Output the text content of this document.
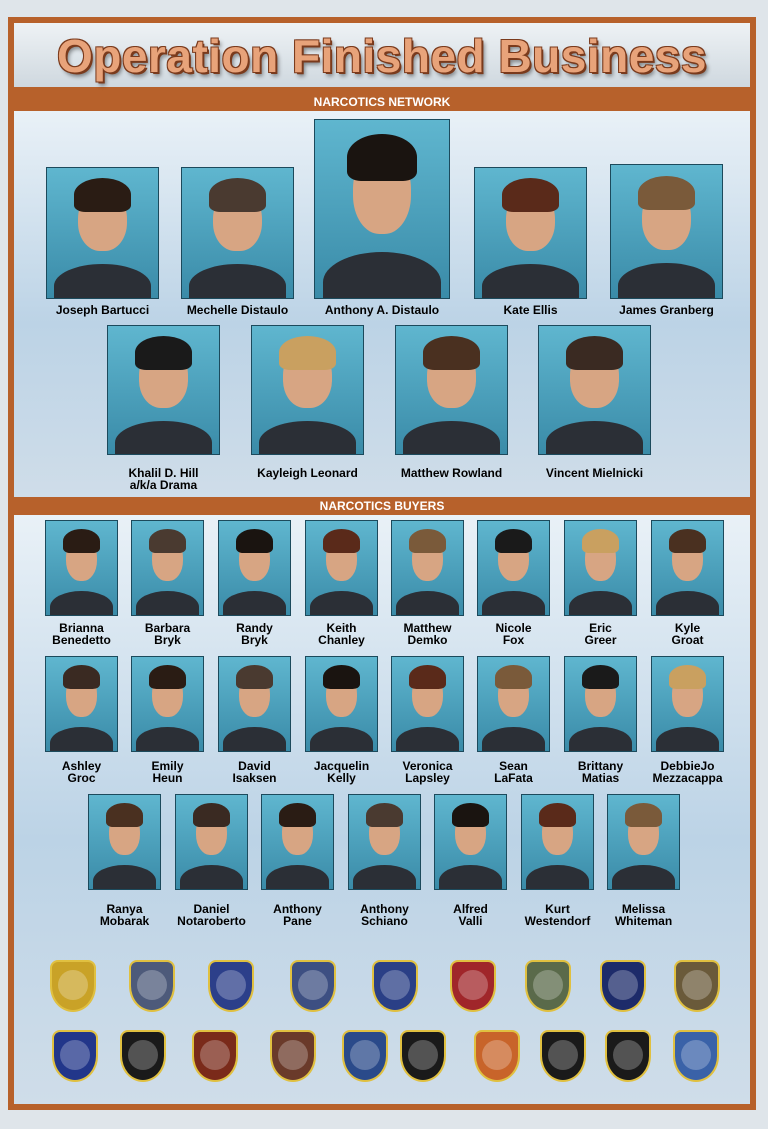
Operation Finished Business
NARCOTICS NETWORK
NARCOTICS BUYERS
Joseph Bartucci	Mechelle Distaulo	Anthony A. Distaulo	Kate Ellis	James Granberg
Khalil D. Hill
a/k/a Drama
Kayleigh Leonard	Matthew Rowland	Vincent Mielnicki
Brianna
Benedetto
Barbara
Bryk
Randy
Bryk
Keith
Chanley
Matthew
Demko
Nicole
Fox
Eric
Greer
Kyle
Groat
Ashley
Groc
Emily
Heun
David
Isaksen
Jacquelin
Kelly
Veronica
Lapsley
Sean
LaFata
Brittany
Matias
DebbieJo
Mezzacappa
Ranya
Mobarak
Daniel
Notaroberto
Anthony
Pane
Anthony
Schiano
Alfred
Valli
Kurt
Westendorf
Melissa
Whiteman
